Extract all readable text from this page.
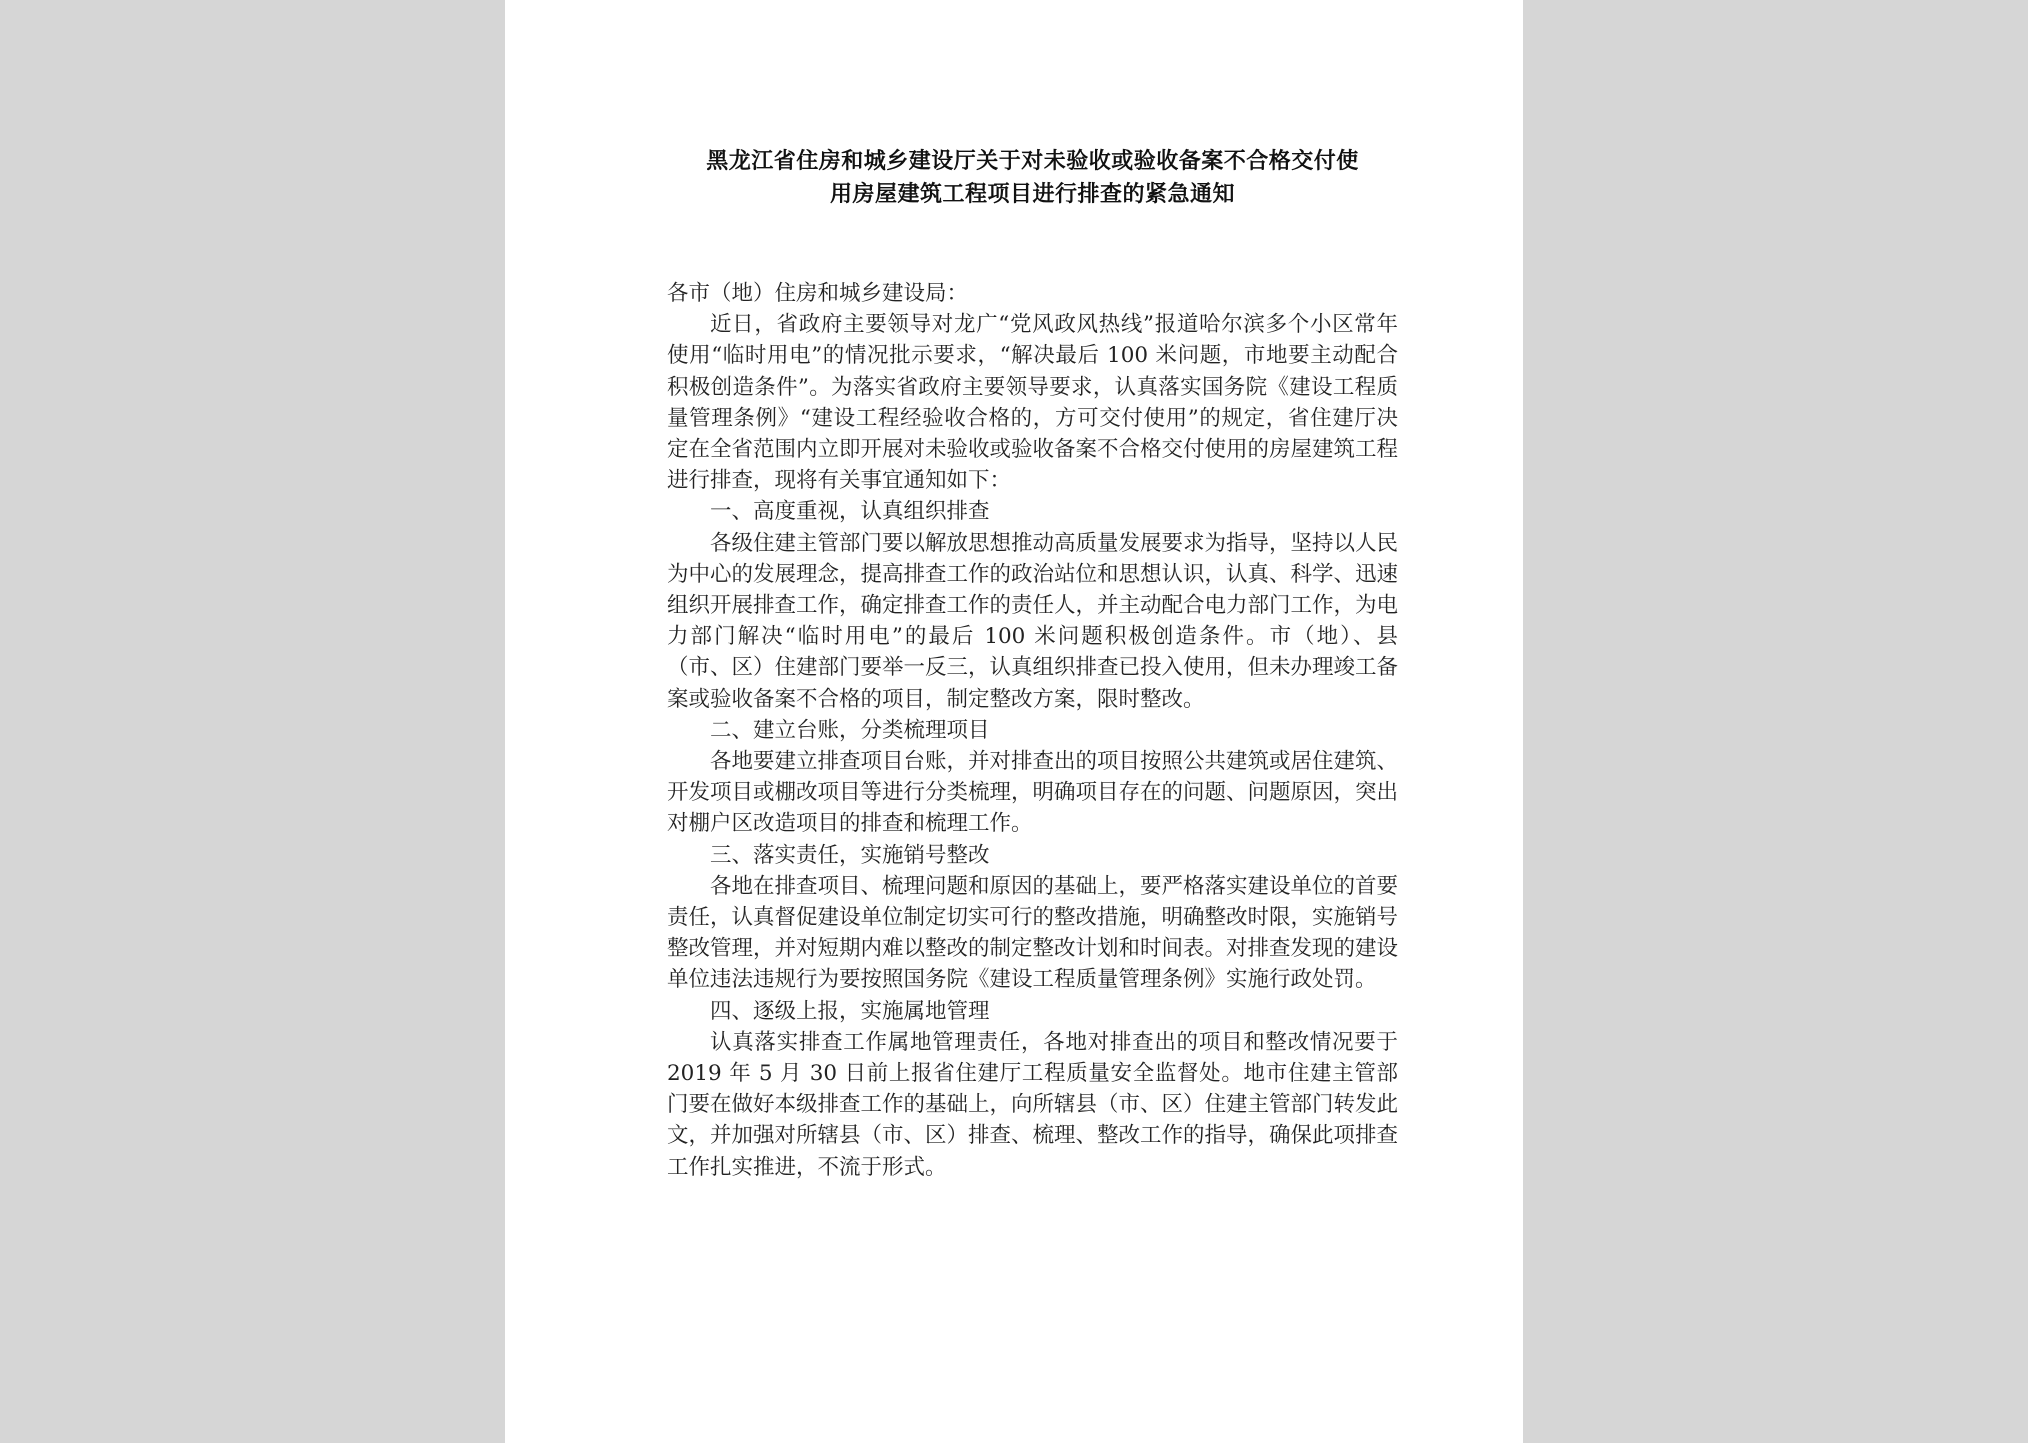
黑龙江省住房和城乡建设厅关于对未验收或验收备案不合格交付使
用房屋建筑工程项目进行排查的紧急通知

各市（地）住房和城乡建设局：

近日，省政府主要领导对龙广“党风政风热线”报道哈尔滨多个小区常年使用“临时用电”的情况批示要求，“解决最后 100 米问题，市地要主动配合积极创造条件”。为落实省政府主要领导要求，认真落实国务院《建设工程质量管理条例》“建设工程经验收合格的，方可交付使用”的规定，省住建厅决定在全省范围内立即开展对未验收或验收备案不合格交付使用的房屋建筑工程进行排查，现将有关事宜通知如下：

一、高度重视，认真组织排查

各级住建主管部门要以解放思想推动高质量发展要求为指导，坚持以人民为中心的发展理念，提高排查工作的政治站位和思想认识，认真、科学、迅速组织开展排查工作，确定排查工作的责任人，并主动配合电力部门工作，为电力部门解决“临时用电”的最后 100 米问题积极创造条件。市（地）、县（市、区）住建部门要举一反三，认真组织排查已投入使用，但未办理竣工备案或验收备案不合格的项目，制定整改方案，限时整改。

二、建立台账，分类梳理项目

各地要建立排查项目台账，并对排查出的项目按照公共建筑或居住建筑、开发项目或棚改项目等进行分类梳理，明确项目存在的问题、问题原因，突出对棚户区改造项目的排查和梳理工作。

三、落实责任，实施销号整改

各地在排查项目、梳理问题和原因的基础上，要严格落实建设单位的首要责任，认真督促建设单位制定切实可行的整改措施，明确整改时限，实施销号整改管理，并对短期内难以整改的制定整改计划和时间表。对排查发现的建设单位违法违规行为要按照国务院《建设工程质量管理条例》实施行政处罚。

四、逐级上报，实施属地管理

认真落实排查工作属地管理责任，各地对排查出的项目和整改情况要于 2019 年 5 月 30 日前上报省住建厅工程质量安全监督处。地市住建主管部门要在做好本级排查工作的基础上，向所辖县（市、区）住建主管部门转发此文，并加强对所辖县（市、区）排查、梳理、整改工作的指导，确保此项排查工作扎实推进，不流于形式。
